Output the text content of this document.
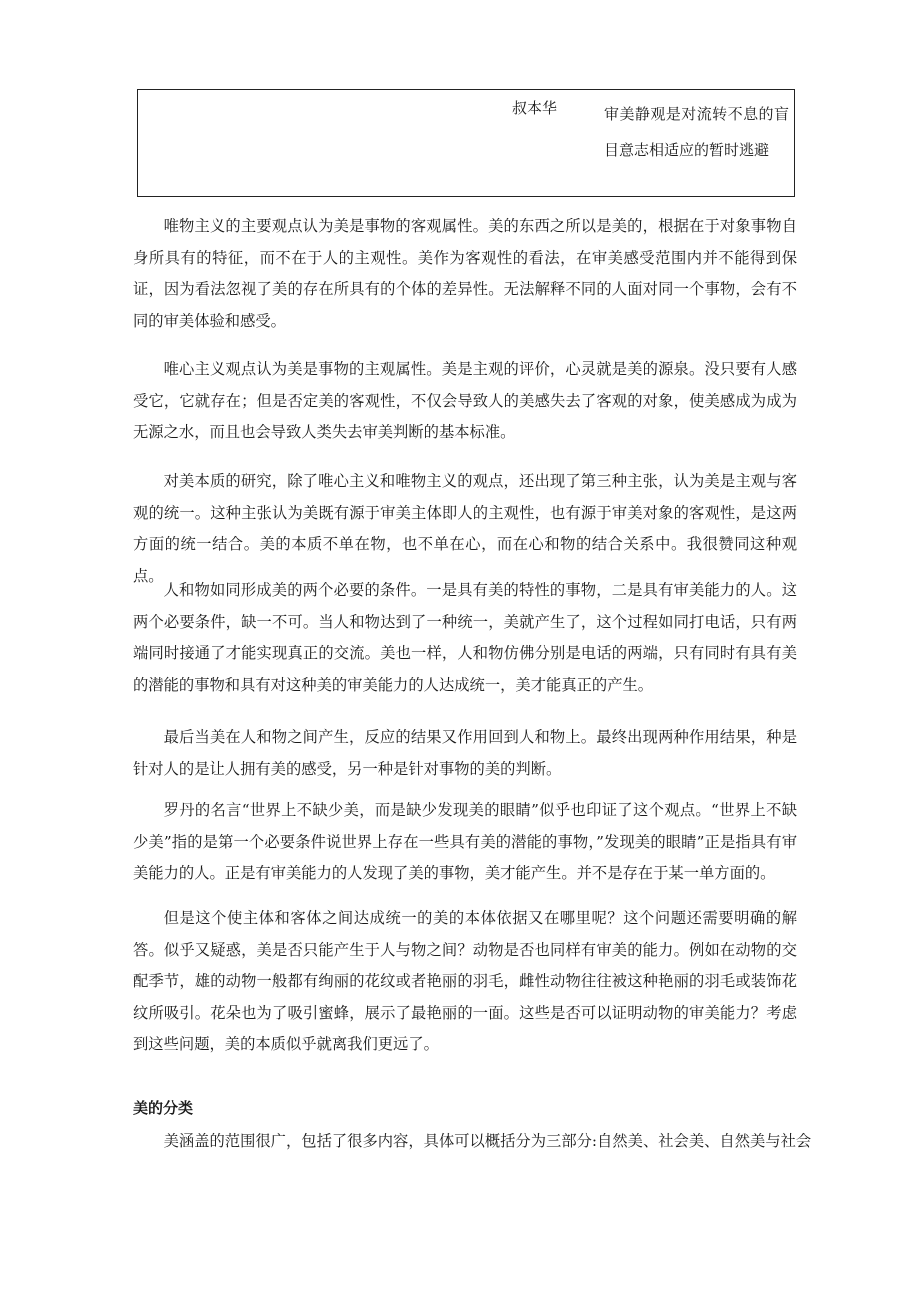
叔本华	审美静观是对流转不息的盲目意志相适应的暂时逃避

唯物主义的主要观点认为美是事物的客观属性。美的东西之所以是美的，根据在于对象事物自身所具有的特征，而不在于人的主观性。美作为客观性的看法，在审美感受范围内并不能得到保证，因为看法忽视了美的存在所具有的个体的差异性。无法解释不同的人面对同一个事物，会有不同的审美体验和感受。

唯心主义观点认为美是事物的主观属性。美是主观的评价，心灵就是美的源泉。没只要有人感受它，它就存在；但是否定美的客观性，不仅会导致人的美感失去了客观的对象，使美感成为成为无源之水，而且也会导致人类失去审美判断的基本标准。

对美本质的研究，除了唯心主义和唯物主义的观点，还出现了第三种主张，认为美是主观与客观的统一。这种主张认为美既有源于审美主体即人的主观性，也有源于审美对象的客观性，是这两方面的统一结合。美的本质不单在物，也不单在心，而在心和物的结合关系中。我很赞同这种观点。

人和物如同形成美的两个必要的条件。一是具有美的特性的事物，二是具有审美能力的人。这两个必要条件，缺一不可。当人和物达到了一种统一，美就产生了，这个过程如同打电话，只有两端同时接通了才能实现真正的交流。美也一样，人和物仿佛分别是电话的两端，只有同时有具有美的潜能的事物和具有对这种美的审美能力的人达成统一，美才能真正的产生。

最后当美在人和物之间产生，反应的结果又作用回到人和物上。最终出现两种作用结果，种是针对人的是让人拥有美的感受，另一种是针对事物的美的判断。

罗丹的名言“世界上不缺少美，而是缺少发现美的眼睛”似乎也印证了这个观点。“世界上不缺少美”指的是第一个必要条件说世界上存在一些具有美的潜能的事物，”发现美的眼睛”正是指具有审美能力的人。正是有审美能力的人发现了美的事物，美才能产生。并不是存在于某一单方面的。

但是这个使主体和客体之间达成统一的美的本体依据又在哪里呢？这个问题还需要明确的解答。似乎又疑惑，美是否只能产生于人与物之间？动物是否也同样有审美的能力。例如在动物的交配季节，雄的动物一般都有绚丽的花纹或者艳丽的羽毛，雌性动物往往被这种艳丽的羽毛或装饰花纹所吸引。花朵也为了吸引蜜蜂，展示了最艳丽的一面。这些是否可以证明动物的审美能力？考虑到这些问题，美的本质似乎就离我们更远了。

美的分类

美涵盖的范围很广，包括了很多内容，具体可以概括分为三部分:自然美、社会美、自然美与社会
